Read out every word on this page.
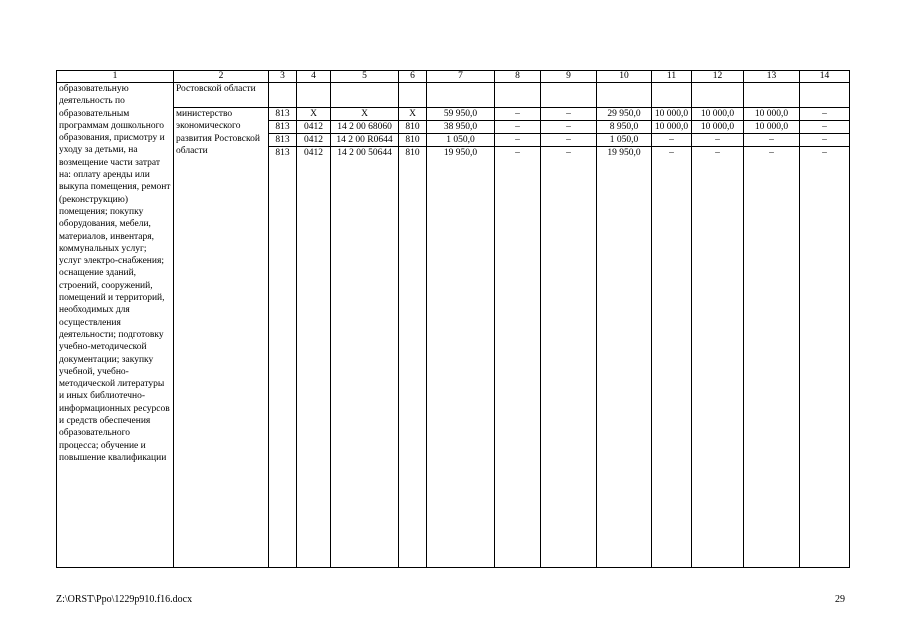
1	2	3	4	5	6	7	8	9	10	11	12	13	14
образовательную деятельность по образовательным программам дошкольного образования, присмотру и уходу за детьми, на возмещение части затрат на: оплату аренды или выкупа помещения, ремонт (реконструкцию) помещения; покупку оборудования, мебели, материалов, инвентаря, коммунальных услуг; услуг электро-снабжения; оснащение зданий, строений, сооружений, помещений и территорий, необходимых для осуществления деятельности; подготовку учебно-методической документации; закупку учебной, учебно-методической литературы и иных библиотечно-информационных ресурсов и средств обеспечения образовательного процесса; обучение и повышение квалификации	Ростовской области												
	министерство экономического развития Ростовской области	813	X	X	X	59 950,0	–	–	29 950,0	10 000,0	10 000,0	10 000,0	–
		813	0412	14 2 00 68060	810	38 950,0	–	–	8 950,0	10 000,0	10 000,0	10 000,0	–
		813	0412	14 2 00 R0644	810	1 050,0	–	–	1 050,0	–	–	–	–
		813	0412	14 2 00 50644	810	19 950,0	–	–	19 950,0	–	–	–	–

Z:\ORST\Ppo\1229p910.f16.docx	29
